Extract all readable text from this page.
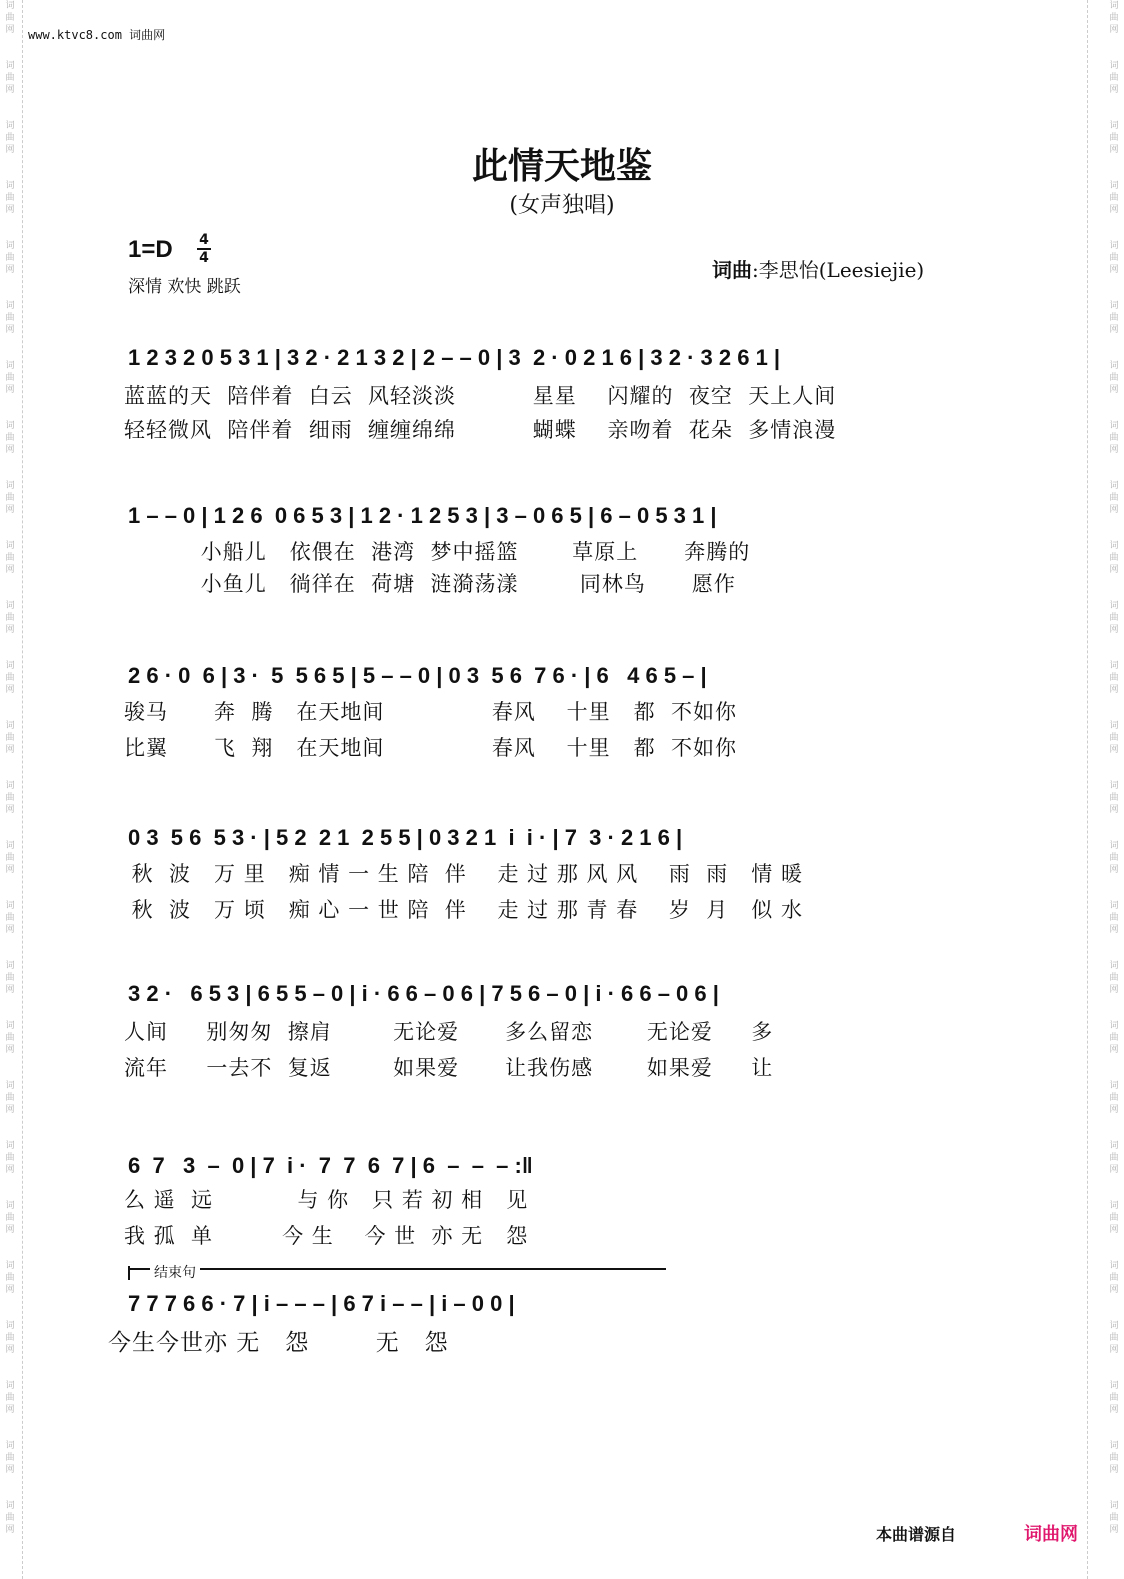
词
曲
网
词
曲
网
词
曲
网
词
曲
网
词
曲
网
词
曲
网
词
曲
网
词
曲
网
词
曲
网
词
曲
网
词
曲
网
词
曲
网
词
曲
网
词
曲
网
词
曲
网
词
曲
网
词
曲
网
词
曲
网
词
曲
网
词
曲
网
词
曲
网
词
曲
网
词
曲
网
词
曲
网
词
曲
网
词
曲
网
词
曲
网
词
曲
网
词
曲
网
词
曲
网
词
曲
网
词
曲
网
词
曲
网
词
曲
网
词
曲
网
词
曲
网
词
曲
网
词
曲
网
词
曲
网
词
曲
网
词
曲
网
词
曲
网
词
曲
网
词
曲
网
词
曲
网
词
曲
网
词
曲
网
词
曲
网
词
曲
网
词
曲
网
词
曲
网
词
曲
网
www.ktvc8.com 词曲网
此情天地鉴
(女声独唱)
1=D 4
4
深情 欢快 跳跃
词曲:李思怡(Leesiejie)
1 2 3 2 0 5 3 1 | 3 2 · 2 1 3 2 | 2 – – 0 | 3  2 · 0 2 1 6 | 3 2 · 3 2 6 1 |
蓝蓝的天  陪伴着  白云  风轻淡淡          星星    闪耀的  夜空  天上人间
轻轻微风  陪伴着  细雨  缠缠绵绵          蝴蝶    亲吻着  花朵  多情浪漫
1 – – 0 | 1 2 6  0 6 5 3 | 1 2 · 1 2 5 3 | 3 – 0 6 5 | 6 – 0 5 3 1 |
小船儿   依偎在  港湾  梦中摇篮       草原上      奔腾的
小鱼儿   徜徉在  荷塘  涟漪荡漾        同林鸟      愿作
2 6 · 0  6 | 3 ·  5  5 6 5 | 5 – – 0 | 0 3  5 6  7 6 · | 6   4 6 5 – |
骏马      奔  腾   在天地间              春风    十里   都  不如你
比翼      飞  翔   在天地间              春风    十里   都  不如你
0 3  5 6  5 3 · | 5 2  2 1  2 5 5 | 0 3 2 1  i  i · | 7  3 · 2 1 6 |
秋  波   万 里   痴 情 一 生 陪  伴    走 过 那 风 风    雨  雨   情 暖
秋  波   万 顷   痴 心 一 世 陪  伴    走 过 那 青 春    岁  月   似 水
3 2 ·   6 5 3 | 6 5 5 – 0 | i · 6 6 – 0 6 | 7 5 6 – 0 | i · 6 6 – 0 6 |
人间     别匆匆  擦肩        无论爱      多么留恋       无论爱     多
流年     一去不  复返        如果爱      让我伤感       如果爱     让
6  7   3  –  0 | 7  i ·  7  7  6  7 | 6  –  –  – :‖
么 遥  远           与 你   只 若 初 相   见
我 孤  单         今 生    今 世  亦 无   怨
结束句
7 7 7 6 6 · 7 | i – – – | 6 7 i – – | i – 0 0 |
今生今世亦 无   怨        无   怨
本曲谱源自	词曲网
